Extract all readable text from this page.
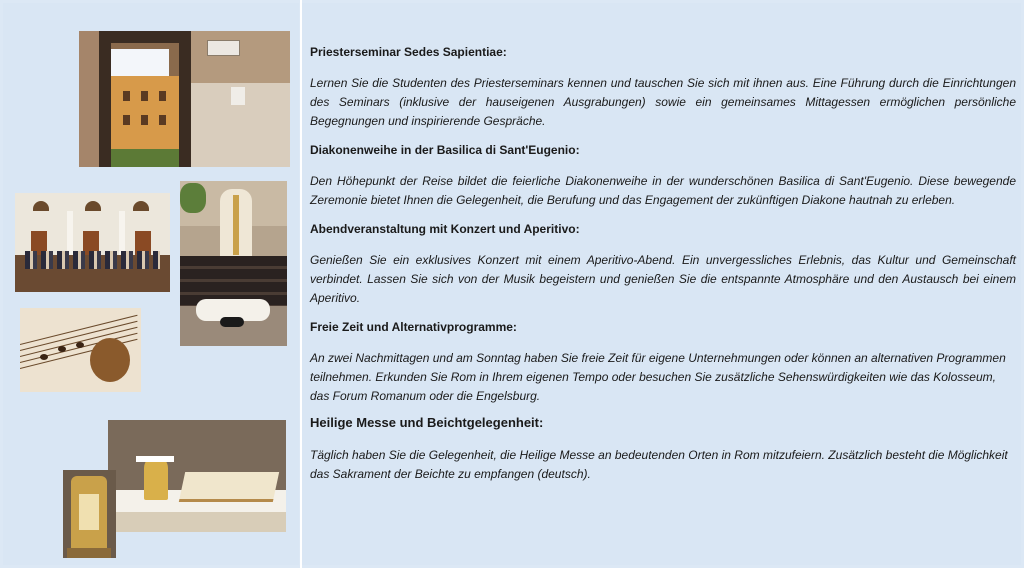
Priesterseminar Sedes Sapientiae:
Lernen Sie die Studenten des Priesterseminars kennen und tauschen Sie sich mit ihnen aus. Eine Führung durch die Einrichtungen des Seminars (inklusive der hauseigenen Ausgrabungen) sowie ein gemeinsames Mittagessen ermöglichen persönliche Begegnungen und inspirierende Gespräche.
Diakonenweihe in der Basilica di Sant'Eugenio:
Den Höhepunkt der Reise bildet die feierliche Diakonenweihe in der wunderschönen Basilica di Sant'Eugenio. Diese bewegende Zeremonie bietet Ihnen die Gelegenheit, die Berufung und das Engagement der zukünftigen Diakone hautnah zu erleben.
Abendveranstaltung mit Konzert und Aperitivo:
Genießen Sie ein exklusives Konzert mit einem Aperitivo-Abend. Ein unvergessliches Erlebnis, das Kultur und Gemeinschaft verbindet. Lassen Sie sich von der Musik begeistern und genießen Sie die entspannte Atmosphäre und den Austausch bei einem Aperitivo.
Freie Zeit und Alternativprogramme:
An zwei Nachmittagen und am Sonntag haben Sie freie Zeit für eigene Unternehmungen oder können an alternativen Programmen teilnehmen. Erkunden Sie Rom in Ihrem eigenen Tempo oder besuchen Sie zusätzliche Sehenswürdigkeiten wie das Kolosseum, das Forum Romanum oder die Engelsburg.
Heilige Messe und Beichtgelegenheit:
Täglich haben Sie die Gelegenheit, die Heilige Messe an bedeutenden Orten in Rom mitzufeiern. Zusätzlich besteht die Möglichkeit das Sakrament der Beichte zu empfangen (deutsch).
